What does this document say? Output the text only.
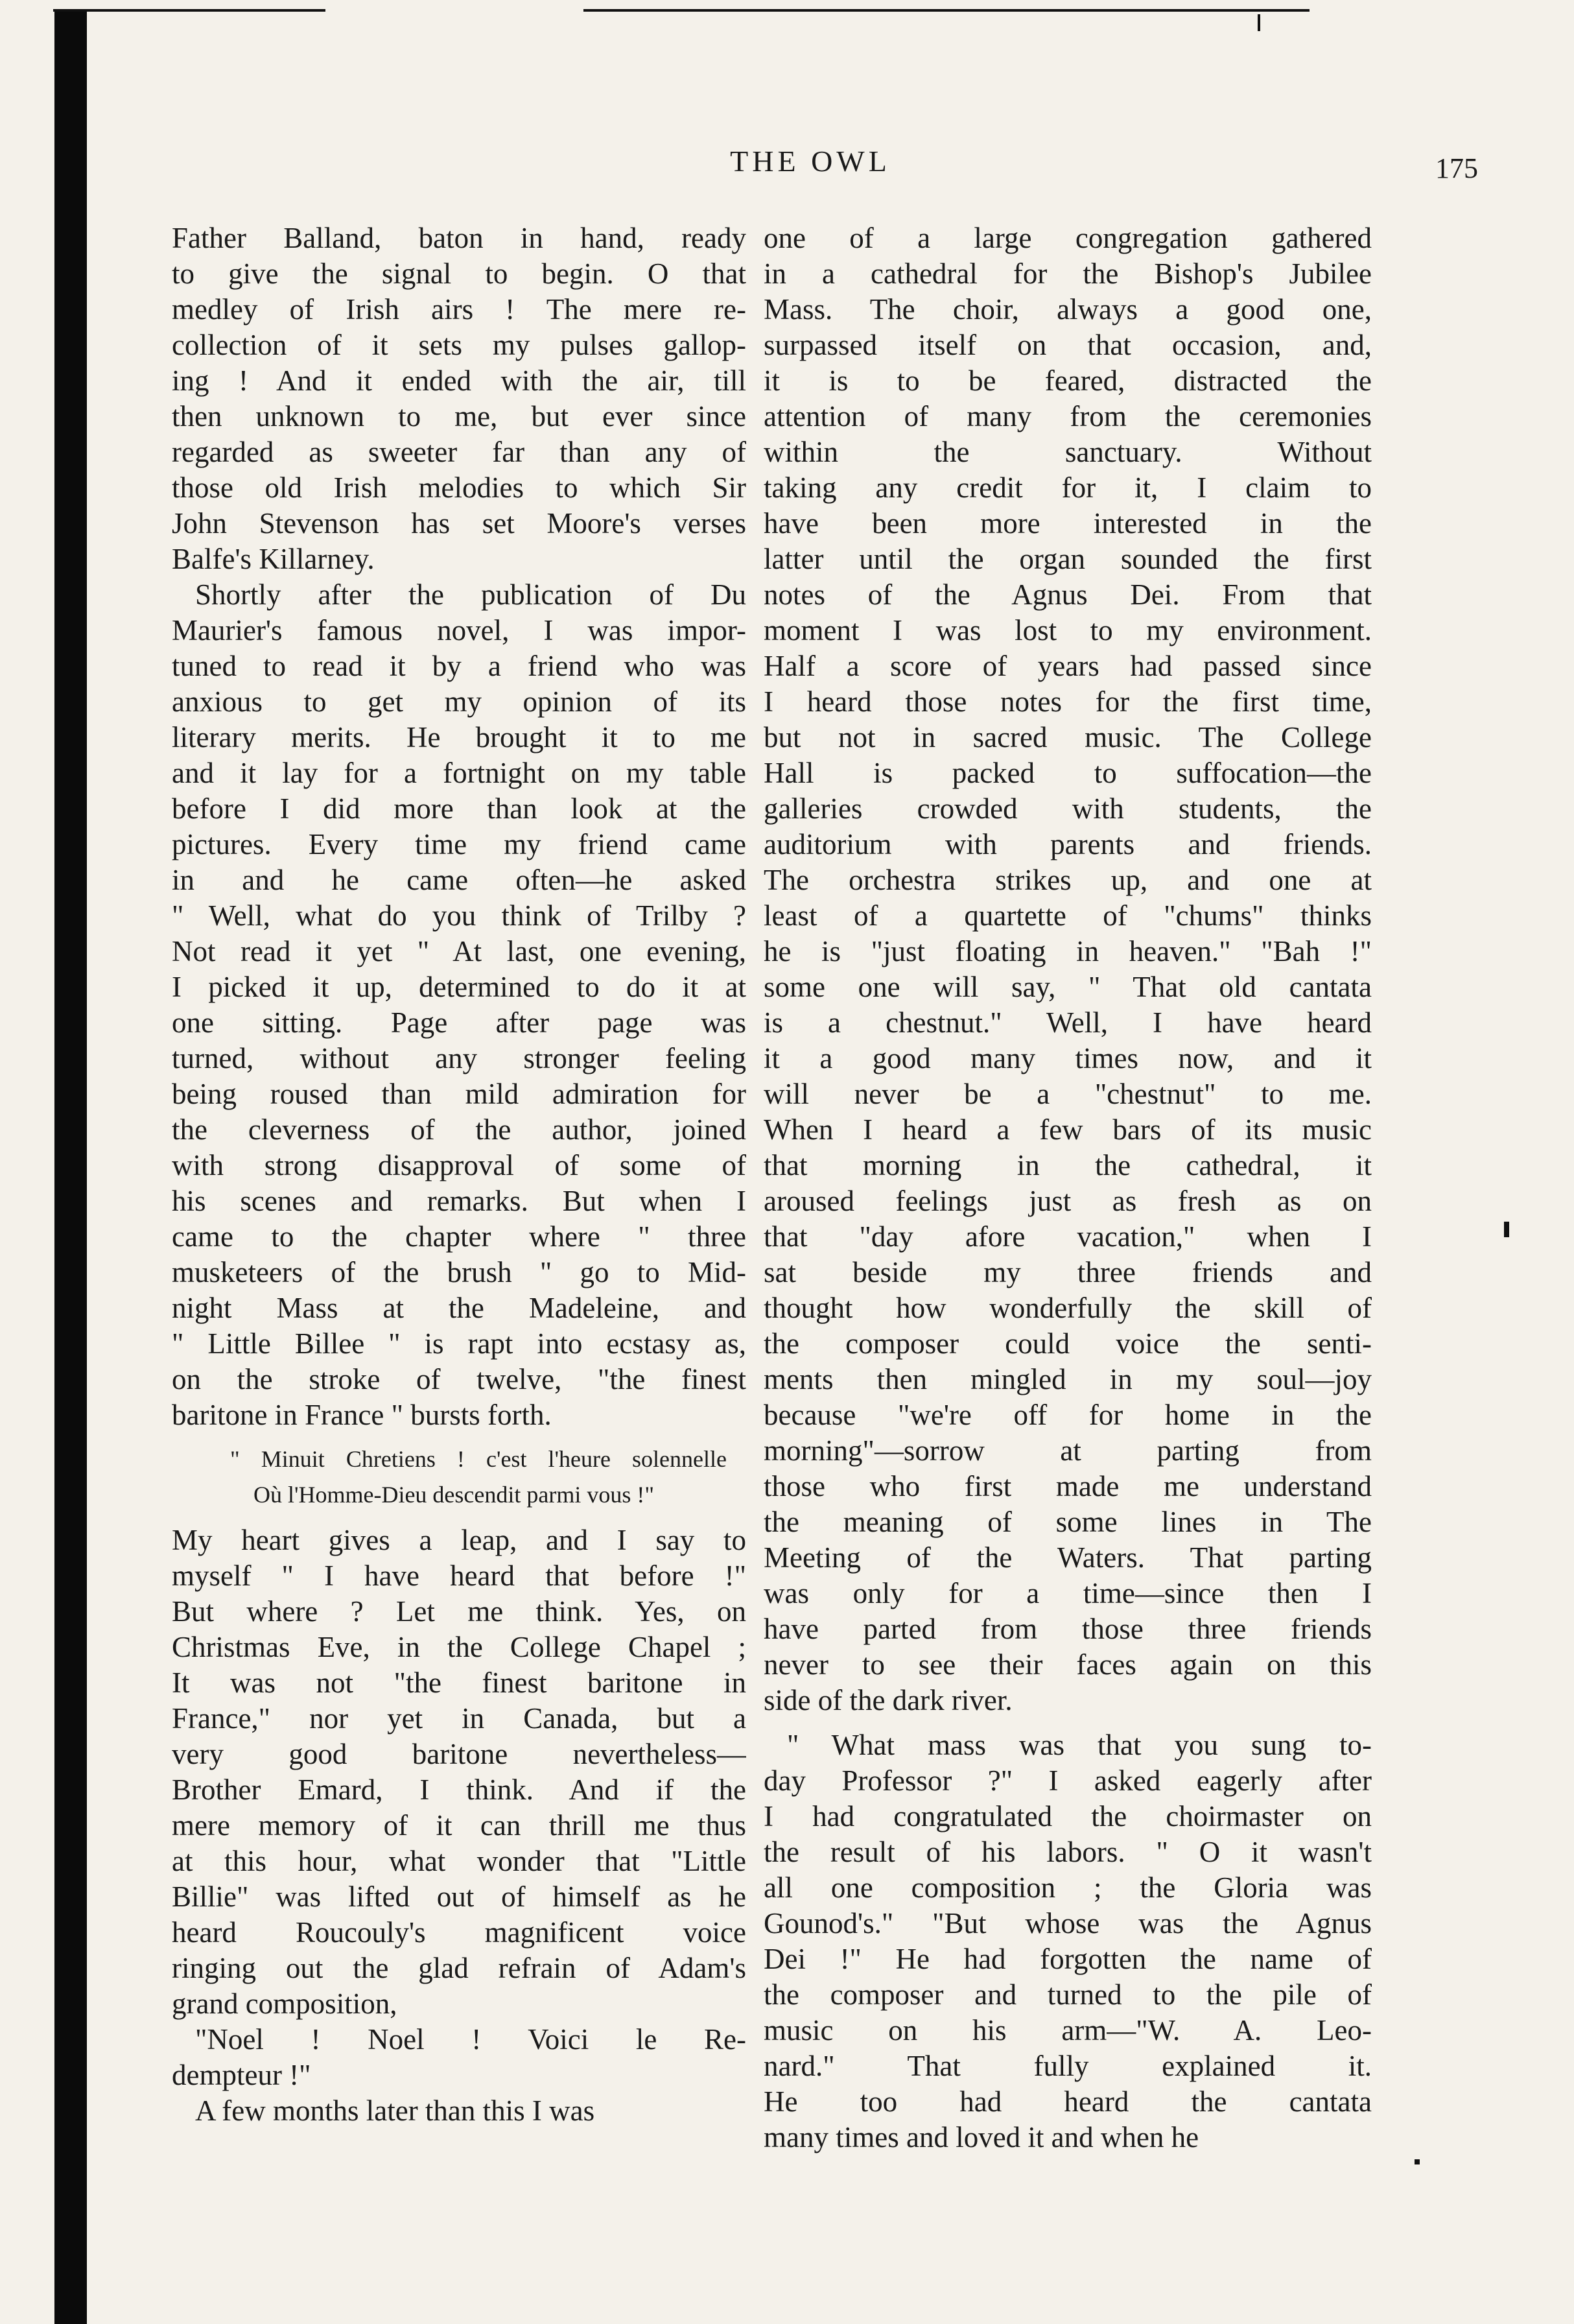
THE OWL	175
Father Balland, baton in hand, ready
to give the signal to begin. O that
medley of Irish airs ! The mere re-
collection of it sets my pulses gallop-
ing ! And it ended with the air, till
then unknown to me, but ever since
regarded as sweeter far than any of
those old Irish melodies to which Sir
John Stevenson has set Moore's verses
Balfe's Killarney.
Shortly after the publication of Du
Maurier's famous novel, I was impor-
tuned to read it by a friend who was
anxious to get my opinion of its
literary merits. He brought it to me
and it lay for a fortnight on my table
before I did more than look at the
pictures. Every time my friend came
in and he came often—he asked
" Well, what do you think of Trilby ?
Not read it yet " At last, one evening,
I picked it up, determined to do it at
one sitting. Page after page was
turned, without any stronger feeling
being roused than mild admiration for
the cleverness of the author, joined
with strong disapproval of some of
his scenes and remarks. But when I
came to the chapter where " three
musketeers of the brush " go to Mid-
night Mass at the Madeleine, and
" Little Billee " is rapt into ecstasy as,
on the stroke of twelve, "the finest
baritone in France " bursts forth.
" Minuit Chretiens ! c'est l'heure solennelle
Où l'Homme-Dieu descendit parmi vous !"
My heart gives a leap, and I say to
myself " I have heard that before !"
But where ? Let me think. Yes, on
Christmas Eve, in the College Chapel ;
It was not "the finest baritone in
France," nor yet in Canada, but a
very good baritone nevertheless—
Brother Emard, I think. And if the
mere memory of it can thrill me thus
at this hour, what wonder that "Little
Billie" was lifted out of himself as he
heard Roucouly's magnificent voice
ringing out the glad refrain of Adam's
grand composition,
"Noel ! Noel ! Voici le Re-
dempteur !"
A few months later than this I was
one of a large congregation gathered
in a cathedral for the Bishop's Jubilee
Mass. The choir, always a good one,
surpassed itself on that occasion, and,
it is to be feared, distracted the
attention of many from the ceremonies
within the sanctuary. Without
taking any credit for it, I claim to
have been more interested in the
latter until the organ sounded the first
notes of the Agnus Dei. From that
moment I was lost to my environment.
Half a score of years had passed since
I heard those notes for the first time,
but not in sacred music. The College
Hall is packed to suffocation—the
galleries crowded with students, the
auditorium with parents and friends.
The orchestra strikes up, and one at
least of a quartette of "chums" thinks
he is "just floating in heaven." "Bah !"
some one will say, " That old cantata
is a chestnut." Well, I have heard
it a good many times now, and it
will never be a "chestnut" to me.
When I heard a few bars of its music
that morning in the cathedral, it
aroused feelings just as fresh as on
that "day afore vacation," when I
sat beside my three friends and
thought how wonderfully the skill of
the composer could voice the senti-
ments then mingled in my soul—joy
because "we're off for home in the
morning"—sorrow at parting from
those who first made me understand
the meaning of some lines in The
Meeting of the Waters. That parting
was only for a time—since then I
have parted from those three friends
never to see their faces again on this
side of the dark river.
" What mass was that you sung to-
day Professor ?" I asked eagerly after
I had congratulated the choirmaster on
the result of his labors. " O it wasn't
all one composition ; the Gloria was
Gounod's." "But whose was the Agnus
Dei !" He had forgotten the name of
the composer and turned to the pile of
music on his arm—"W. A. Leo-
nard." That fully explained it.
He too had heard the cantata
many times and loved it and when he
